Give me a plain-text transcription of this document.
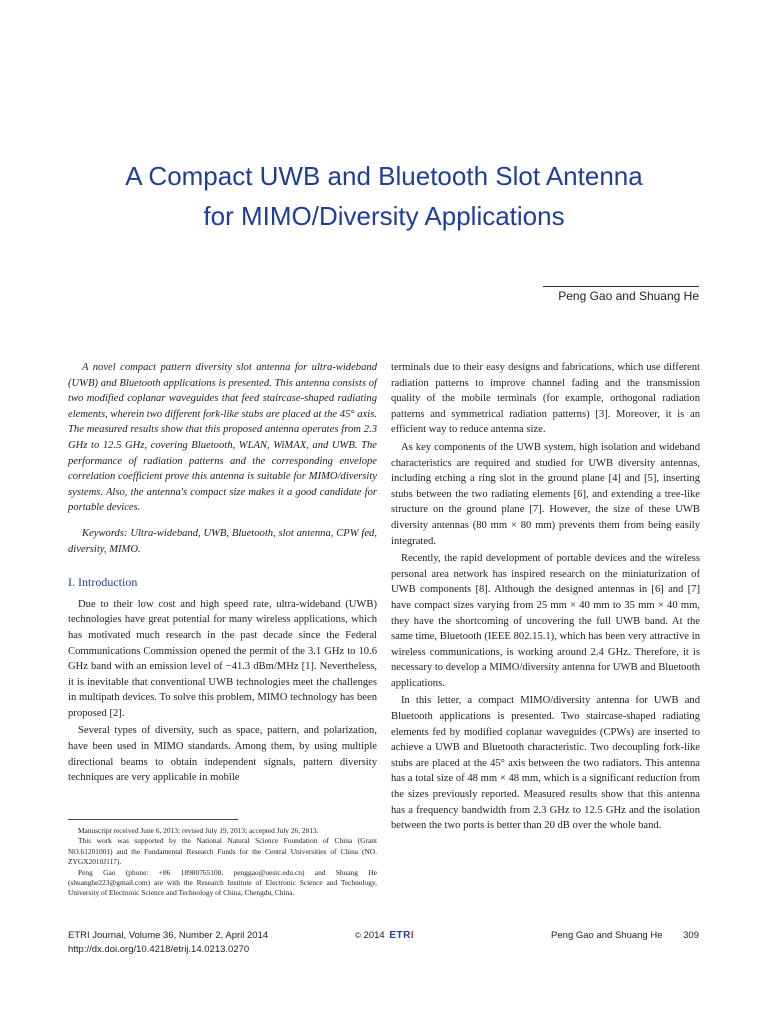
A Compact UWB and Bluetooth Slot Antenna
for MIMO/Diversity Applications
Peng Gao and Shuang He

A novel compact pattern diversity slot antenna for ultra-wideband (UWB) and Bluetooth applications is presented. This antenna consists of two modified coplanar waveguides that feed staircase-shaped radiating elements, wherein two different fork-like stubs are placed at the 45° axis. The measured results show that this proposed antenna operates from 2.3 GHz to 12.5 GHz, covering Bluetooth, WLAN, WiMAX, and UWB. The performance of radiation patterns and the corresponding envelope correlation coefficient prove this antenna is suitable for MIMO/diversity systems. Also, the antenna's compact size makes it a good candidate for portable devices.

Keywords: Ultra-wideband, UWB, Bluetooth, slot antenna, CPW fed, diversity, MIMO.

I. Introduction

Due to their low cost and high speed rate, ultra-wideband (UWB) technologies have great potential for many wireless applications, which has motivated much research in the past decade since the Federal Communications Commission opened the permit of the 3.1 GHz to 10.6 GHz band with an emission level of −41.3 dBm/MHz [1]. Nevertheless, it is inevitable that conventional UWB technologies meet the challenges in multipath devices. To solve this problem, MIMO technology has been proposed [2].

Several types of diversity, such as space, pattern, and polarization, have been used in MIMO standards. Among them, by using multiple directional beams to obtain independent signals, pattern diversity techniques are very applicable in mobile

terminals due to their easy designs and fabrications, which use different radiation patterns to improve channel fading and the transmission quality of the mobile terminals (for example, orthogonal radiation patterns and symmetrical radiation patterns) [3]. Moreover, it is an efficient way to reduce antenna size.

As key components of the UWB system, high isolation and wideband characteristics are required and studied for UWB diversity antennas, including etching a ring slot in the ground plane [4] and [5], inserting stubs between the two radiating elements [6], and extending a tree-like structure on the ground plane [7]. However, the size of these UWB diversity antennas (80 mm × 80 mm) prevents them from being easily integrated.

Recently, the rapid development of portable devices and the wireless personal area network has inspired research on the miniaturization of UWB components [8]. Although the designed antennas in [6] and [7] have compact sizes varying from 25 mm × 40 mm to 35 mm × 40 mm, they have the shortcoming of uncovering the full UWB band. At the same time, Bluetooth (IEEE 802.15.1), which has been very attractive in wireless communications, is working around 2.4 GHz. Therefore, it is necessary to develop a MIMO/diversity antenna for UWB and Bluetooth applications.

In this letter, a compact MIMO/diversity antenna for UWB and Bluetooth applications is presented. Two staircase-shaped radiating elements fed by modified coplanar waveguides (CPWs) are inserted to achieve a UWB and Bluetooth characteristic. Two decoupling fork-like stubs are placed at the 45° axis between the two radiators. This antenna has a total size of 48 mm × 48 mm, which is a significant reduction from the sizes previously reported. Measured results show that this antenna has a frequency bandwidth from 2.3 GHz to 12.5 GHz and the isolation between the two ports is better than 20 dB over the whole band.

Manuscript received June 6, 2013; revised July 19, 2013; accepted July 26, 2013.

This work was supported by the National Natural Science Foundation of China (Grant NO.61201001) and the Fundamental Research Funds for the Central Universities of China (NO. ZYGX2010J117).

Peng Gao (phone: +86 18980765100, penggao@uestc.edu.cn) and Shuang He (shuanghe223@gmail.com) are with the Research Institute of Electronic Science and Technology, University of Electronic Science and Technology of China, Chengdu, China.

ETRI Journal, Volume 36, Number 2, April 2014
http://dx.doi.org/10.4218/etrij.14.0213.0270
© 2014 ETRI	Peng Gao and Shuang He 309
